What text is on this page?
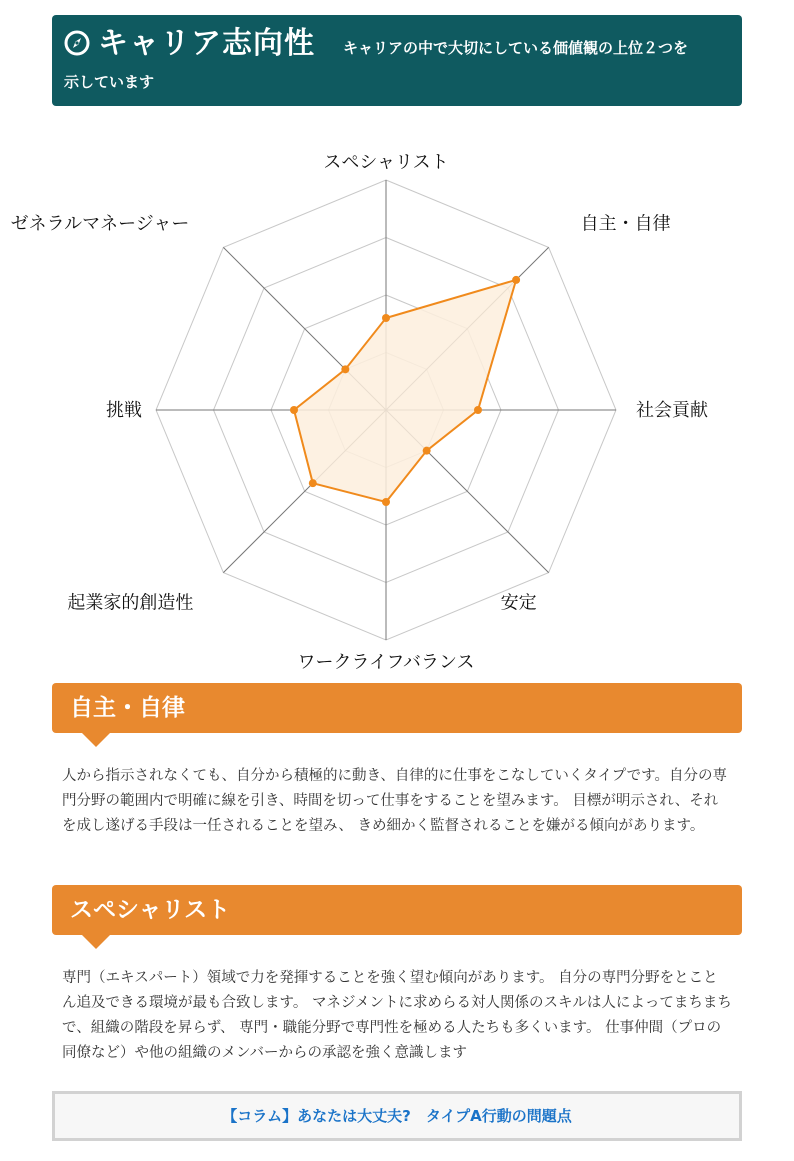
キャリア志向性 キャリアの中で大切にしている価値観の上位２つを
示しています
スペシャリスト
自主・自律
社会貢献
安定
ワークライフバランス
起業家的創造性
挑戦
ゼネラルマネージャー
自主・自律
人から指示されなくても、自分から積極的に動き、自律的に仕事をこなしていくタイプです。自分の専門分野の範囲内で明確に線を引き、時間を切って仕事をすることを望みます。 目標が明示され、それを成し遂げる手段は一任されることを望み、 きめ細かく監督されることを嫌がる傾向があります。
スペシャリスト
専門（エキスパート）領域で力を発揮することを強く望む傾向があります。 自分の専門分野をとことん追及できる環境が最も合致します。 マネジメントに求めらる対人関係のスキルは人によってまちまちで、組織の階段を昇らず、 専門・職能分野で専門性を極める人たちも多くいます。 仕事仲間（プロの同僚など）や他の組織のメンバーからの承認を強く意識します
【コラム】あなたは大丈夫?　タイプA行動の問題点
